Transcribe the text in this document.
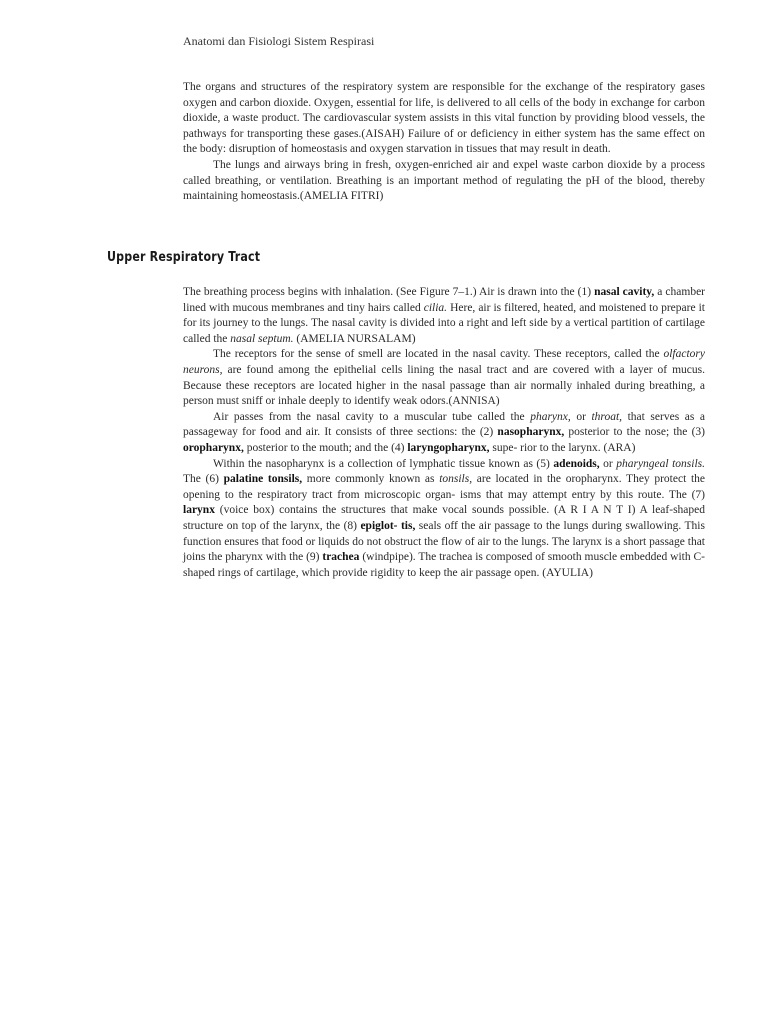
Anatomi dan Fisiologi Sistem Respirasi

The organs and structures of the respiratory system are responsible for the exchange of the respiratory gases oxygen and carbon dioxide. Oxygen, essential for life, is delivered to all cells of the body in exchange for carbon dioxide, a waste product. The cardiovascular system assists in this vital function by providing blood vessels, the pathways for transporting these gases.(AISAH) Failure of or deficiency in either system has the same effect on the body: disruption of homeostasis and oxygen starvation in tissues that may result in death.

The lungs and airways bring in fresh, oxygen-enriched air and expel waste carbon dioxide by a process called breathing, or ventilation. Breathing is an important method of regulating the pH of the blood, thereby maintaining homeostasis.(AMELIA FITRI)

Upper Respiratory Tract

The breathing process begins with inhalation. (See Figure 7–1.) Air is drawn into the (1) nasal cavity, a chamber lined with mucous membranes and tiny hairs called cilia. Here, air is filtered, heated, and moistened to prepare it for its journey to the lungs. The nasal cavity is divided into a right and left side by a vertical partition of cartilage called the nasal septum. (AMELIA NURSALAM)

The receptors for the sense of smell are located in the nasal cavity. These receptors, called the olfactory neurons, are found among the epithelial cells lining the nasal tract and are covered with a layer of mucus. Because these receptors are located higher in the nasal passage than air normally inhaled during breathing, a person must sniff or inhale deeply to identify weak odors.(ANNISA)

Air passes from the nasal cavity to a muscular tube called the pharynx, or throat, that serves as a passageway for food and air. It consists of three sections: the (2) nasopharynx, posterior to the nose; the (3) oropharynx, posterior to the mouth; and the (4) laryngopharynx, supe- rior to the larynx. (ARA)

Within the nasopharynx is a collection of lymphatic tissue known as (5) adenoids, or pharyngeal tonsils. The (6) palatine tonsils, more commonly known as tonsils, are located in the oropharynx. They protect the opening to the respiratory tract from microscopic organ- isms that may attempt entry by this route. The (7) larynx (voice box) contains the structures that make vocal sounds possible. (A R I A N T I) A leaf-shaped structure on top of the larynx, the (8) epiglot- tis, seals off the air passage to the lungs during swallowing. This function ensures that food or liquids do not obstruct the flow of air to the lungs. The larynx is a short passage that joins the pharynx with the (9) trachea (windpipe). The trachea is composed of smooth muscle embedded with C-shaped rings of cartilage, which provide rigidity to keep the air passage open. (AYULIA)
